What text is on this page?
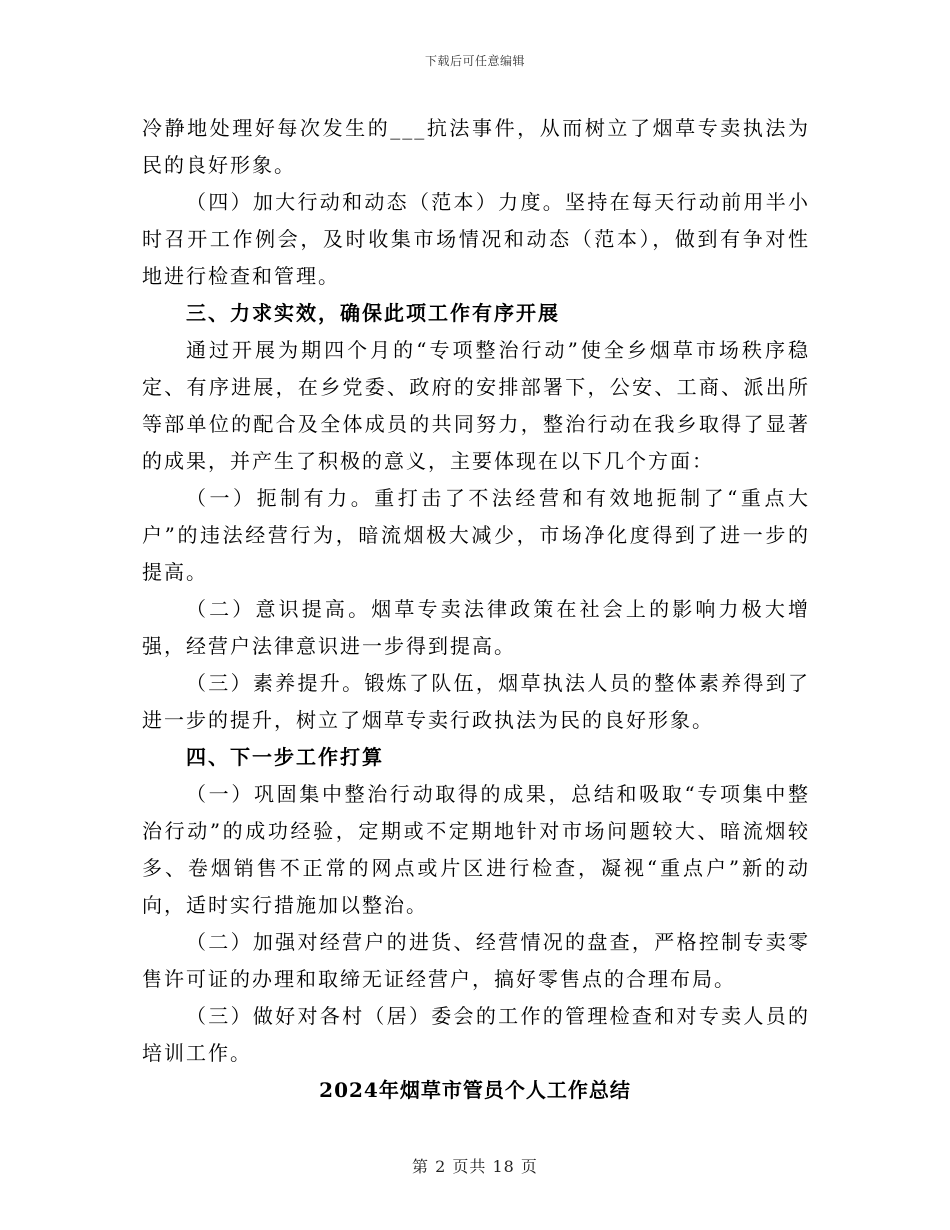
下载后可任意编辑

冷静地处理好每次发生的___抗法事件，从而树立了烟草专卖执法为民的良好形象。

（四）加大行动和动态（范本）力度。坚持在每天行动前用半小时召开工作例会，及时收集市场情况和动态（范本），做到有争对性地进行检查和管理。

三、力求实效，确保此项工作有序开展

通过开展为期四个月的“专项整治行动”使全乡烟草市场秩序稳定、有序进展，在乡党委、政府的安排部署下，公安、工商、派出所等部单位的配合及全体成员的共同努力，整治行动在我乡取得了显著的成果，并产生了积极的意义，主要体现在以下几个方面：

（一）扼制有力。重打击了不法经营和有效地扼制了“重点大户”的违法经营行为，暗流烟极大减少，市场净化度得到了进一步的提高。

（二）意识提高。烟草专卖法律政策在社会上的影响力极大增强，经营户法律意识进一步得到提高。

（三）素养提升。锻炼了队伍，烟草执法人员的整体素养得到了进一步的提升，树立了烟草专卖行政执法为民的良好形象。

四、下一步工作打算

（一）巩固集中整治行动取得的成果，总结和吸取“专项集中整治行动”的成功经验，定期或不定期地针对市场问题较大、暗流烟较多、卷烟销售不正常的网点或片区进行检查，凝视“重点户”新的动向，适时实行措施加以整治。

（二）加强对经营户的进货、经营情况的盘查，严格控制专卖零售许可证的办理和取缔无证经营户，搞好零售点的合理布局。

（三）做好对各村（居）委会的工作的管理检查和对专卖人员的培训工作。

2024年烟草市管员个人工作总结
第 2 页共 18 页
